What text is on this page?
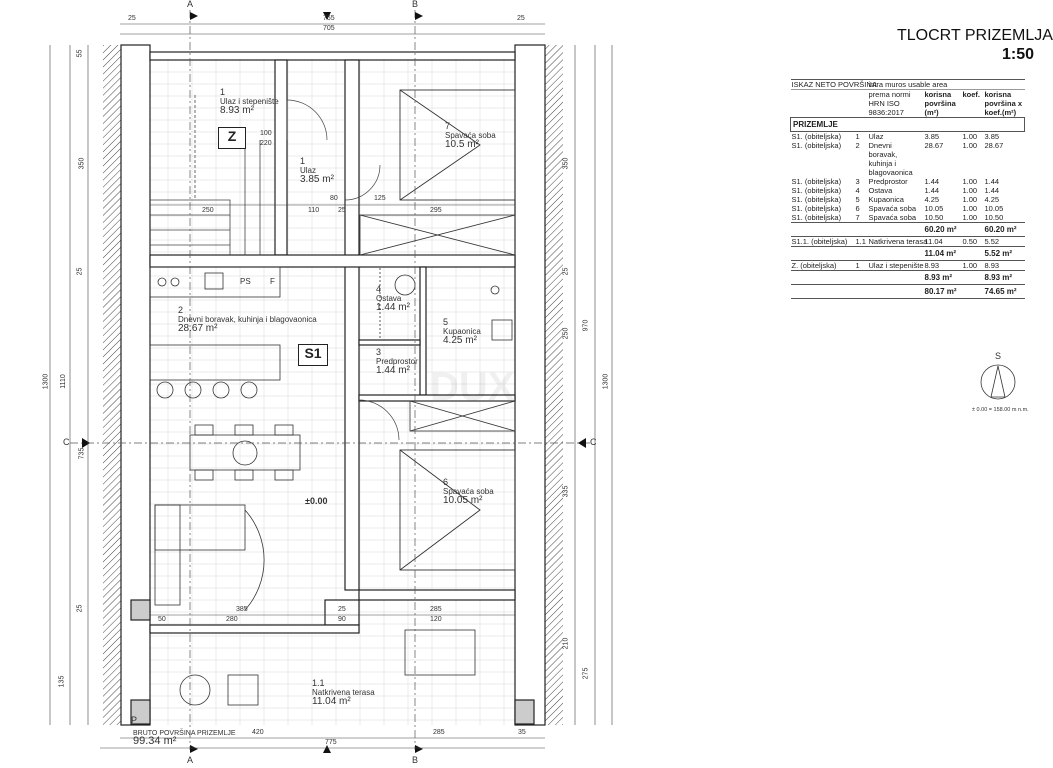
DUX
Z
S1
±0.00
A	B
A	B
C	C
P
1
Ulaz i stepenište
8.93 m²
1
Ulaz
3.85 m²
7
Spavaća soba
10.5 m²
2
Dnevni boravak, kuhinja i blagovaonica
28.67 m²
4
Ostava
1.44 m²
5
Kupaonica
4.25 m²
3
Predprostor
1.44 m²
6
Spavaća soba
10.05 m²
1.1
Natkrivena terasa
11.04 m²
PS F
BRUTO POVRŠINA PRIZEMLJE
99.34 m²
25	765
705
25
55
350
25
1110
735
25
135
1300
350
25
250
970
335
210
275
1300
250	110	25	295
385
280
25	285
50	90	120
100
220
125
80
420	285	35
775
TLOCRT PRIZEMLJA
1:50
ISKAZ NETO POVRŠINA		intra muros usable area			
		prema normi HRN ISO 9836:2017	korisna površina (m²)	koef.	korisna površina x koef.(m²)
PRIZEMLJE					
S1. (obiteljska)	1	Ulaz	3.85	1.00	3.85
S1. (obiteljska)	2	Dnevni boravak, kuhinja i blagovaonica	28.67	1.00	28.67
S1. (obiteljska)	3	Predprostor	1.44	1.00	1.44
S1. (obiteljska)	4	Ostava	1.44	1.00	1.44
S1. (obiteljska)	5	Kupaonica	4.25	1.00	4.25
S1. (obiteljska)	6	Spavaća soba	10.05	1.00	10.05
S1. (obiteljska)	7	Spavaća soba	10.50	1.00	10.50
			60.20 m²		60.20 m²
S1.1. (obiteljska)	1.1	Natkrivena terasa	11.04	0.50	5.52
			11.04 m²		5.52 m²
Z. (obiteljska)	1	Ulaz i stepenište	8.93	1.00	8.93
			8.93 m²		8.93 m²
			80.17 m²		74.65 m²
S
± 0.00 = 158.00 m n.m.
